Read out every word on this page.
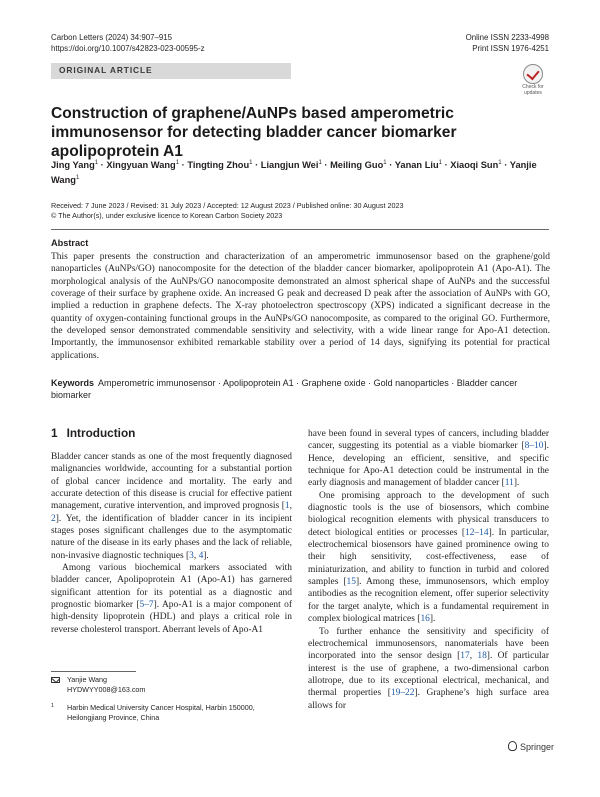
Carbon Letters (2024) 34:907–915
https://doi.org/10.1007/s42823-023-00595-z
Online ISSN 2233-4998
Print ISSN 1976-4251
ORIGINAL ARTICLE
Check for
updates
Construction of graphene/AuNPs based amperometric immunosensor for detecting bladder cancer biomarker apolipoprotein A1
Jing Yang$^1$ · Xingyuan Wang$^1$ · Tingting Zhou$^1$ · Liangjun Wei$^1$ · Meiling Guo$^1$ · Yanan Liu$^1$ · Xiaoqi Sun$^1$ · Yanjie Wang$^1$
Received: 7 June 2023 / Revised: 31 July 2023 / Accepted: 12 August 2023 / Published online: 30 August 2023
© The Author(s), under exclusive licence to Korean Carbon Society 2023
Abstract
This paper presents the construction and characterization of an amperometric immunosensor based on the graphene/gold nanoparticles (AuNPs/GO) nanocomposite for the detection of the bladder cancer biomarker, apolipoprotein A1 (Apo-A1). The morphological analysis of the AuNPs/GO nanocomposite demonstrated an almost spherical shape of AuNPs and the successful coverage of their surface by graphene oxide. An increased G peak and decreased D peak after the association of AuNPs with GO, implied a reduction in graphene defects. The X-ray photoelectron spectroscopy (XPS) indicated a significant decrease in the quantity of oxygen-containing functional groups in the AuNPs/GO nanocomposite, as compared to the original GO. Furthermore, the developed sensor demonstrated commendable sensitivity and selectivity, with a wide linear range for Apo-A1 detection. Importantly, the immunosensor exhibited remarkable stability over a period of 14 days, signifying its potential for practical applications.
Keywords Amperometric immunosensor · Apolipoprotein A1 · Graphene oxide · Gold nanoparticles · Bladder cancer biomarker
1 Introduction

Bladder cancer stands as one of the most frequently diagnosed malignancies worldwide, accounting for a substantial portion of global cancer incidence and mortality. The early and accurate detection of this disease is crucial for effective patient management, curative intervention, and improved prognosis [1, 2]. Yet, the identification of bladder cancer in its incipient stages poses significant challenges due to the asymptomatic nature of the disease in its early phases and the lack of reliable, non-invasive diagnostic techniques [3, 4].

Among various biochemical markers associated with bladder cancer, Apolipoprotein A1 (Apo-A1) has garnered significant attention for its potential as a diagnostic and prognostic biomarker [5–7]. Apo-A1 is a major component of high-density lipoprotein (HDL) and plays a critical role in reverse cholesterol transport. Aberrant levels of Apo-A1

have been found in several types of cancers, including bladder cancer, suggesting its potential as a viable biomarker [8–10]. Hence, developing an efficient, sensitive, and specific technique for Apo-A1 detection could be instrumental in the early diagnosis and management of bladder cancer [11].

One promising approach to the development of such diagnostic tools is the use of biosensors, which combine biological recognition elements with physical transducers to detect biological entities or processes [12–14]. In particular, electrochemical biosensors have gained prominence owing to their high sensitivity, cost-effectiveness, ease of miniaturization, and ability to function in turbid and colored samples [15]. Among these, immunosensors, which employ antibodies as the recognition element, offer superior selectivity for the target analyte, which is a fundamental requirement in complex biological matrices [16].

To further enhance the sensitivity and specificity of electrochemical immunosensors, nanomaterials have been incorporated into the sensor design [17, 18]. Of particular interest is the use of graphene, a two-dimensional carbon allotrope, due to its exceptional electrical, mechanical, and thermal properties [19–22]. Graphene’s high surface area allows for

Yanjie Wang
HYDWYY008@163.com
1 Harbin Medical University Cancer Hospital, Harbin 150000,
Heilongjiang Province, China
Springer
